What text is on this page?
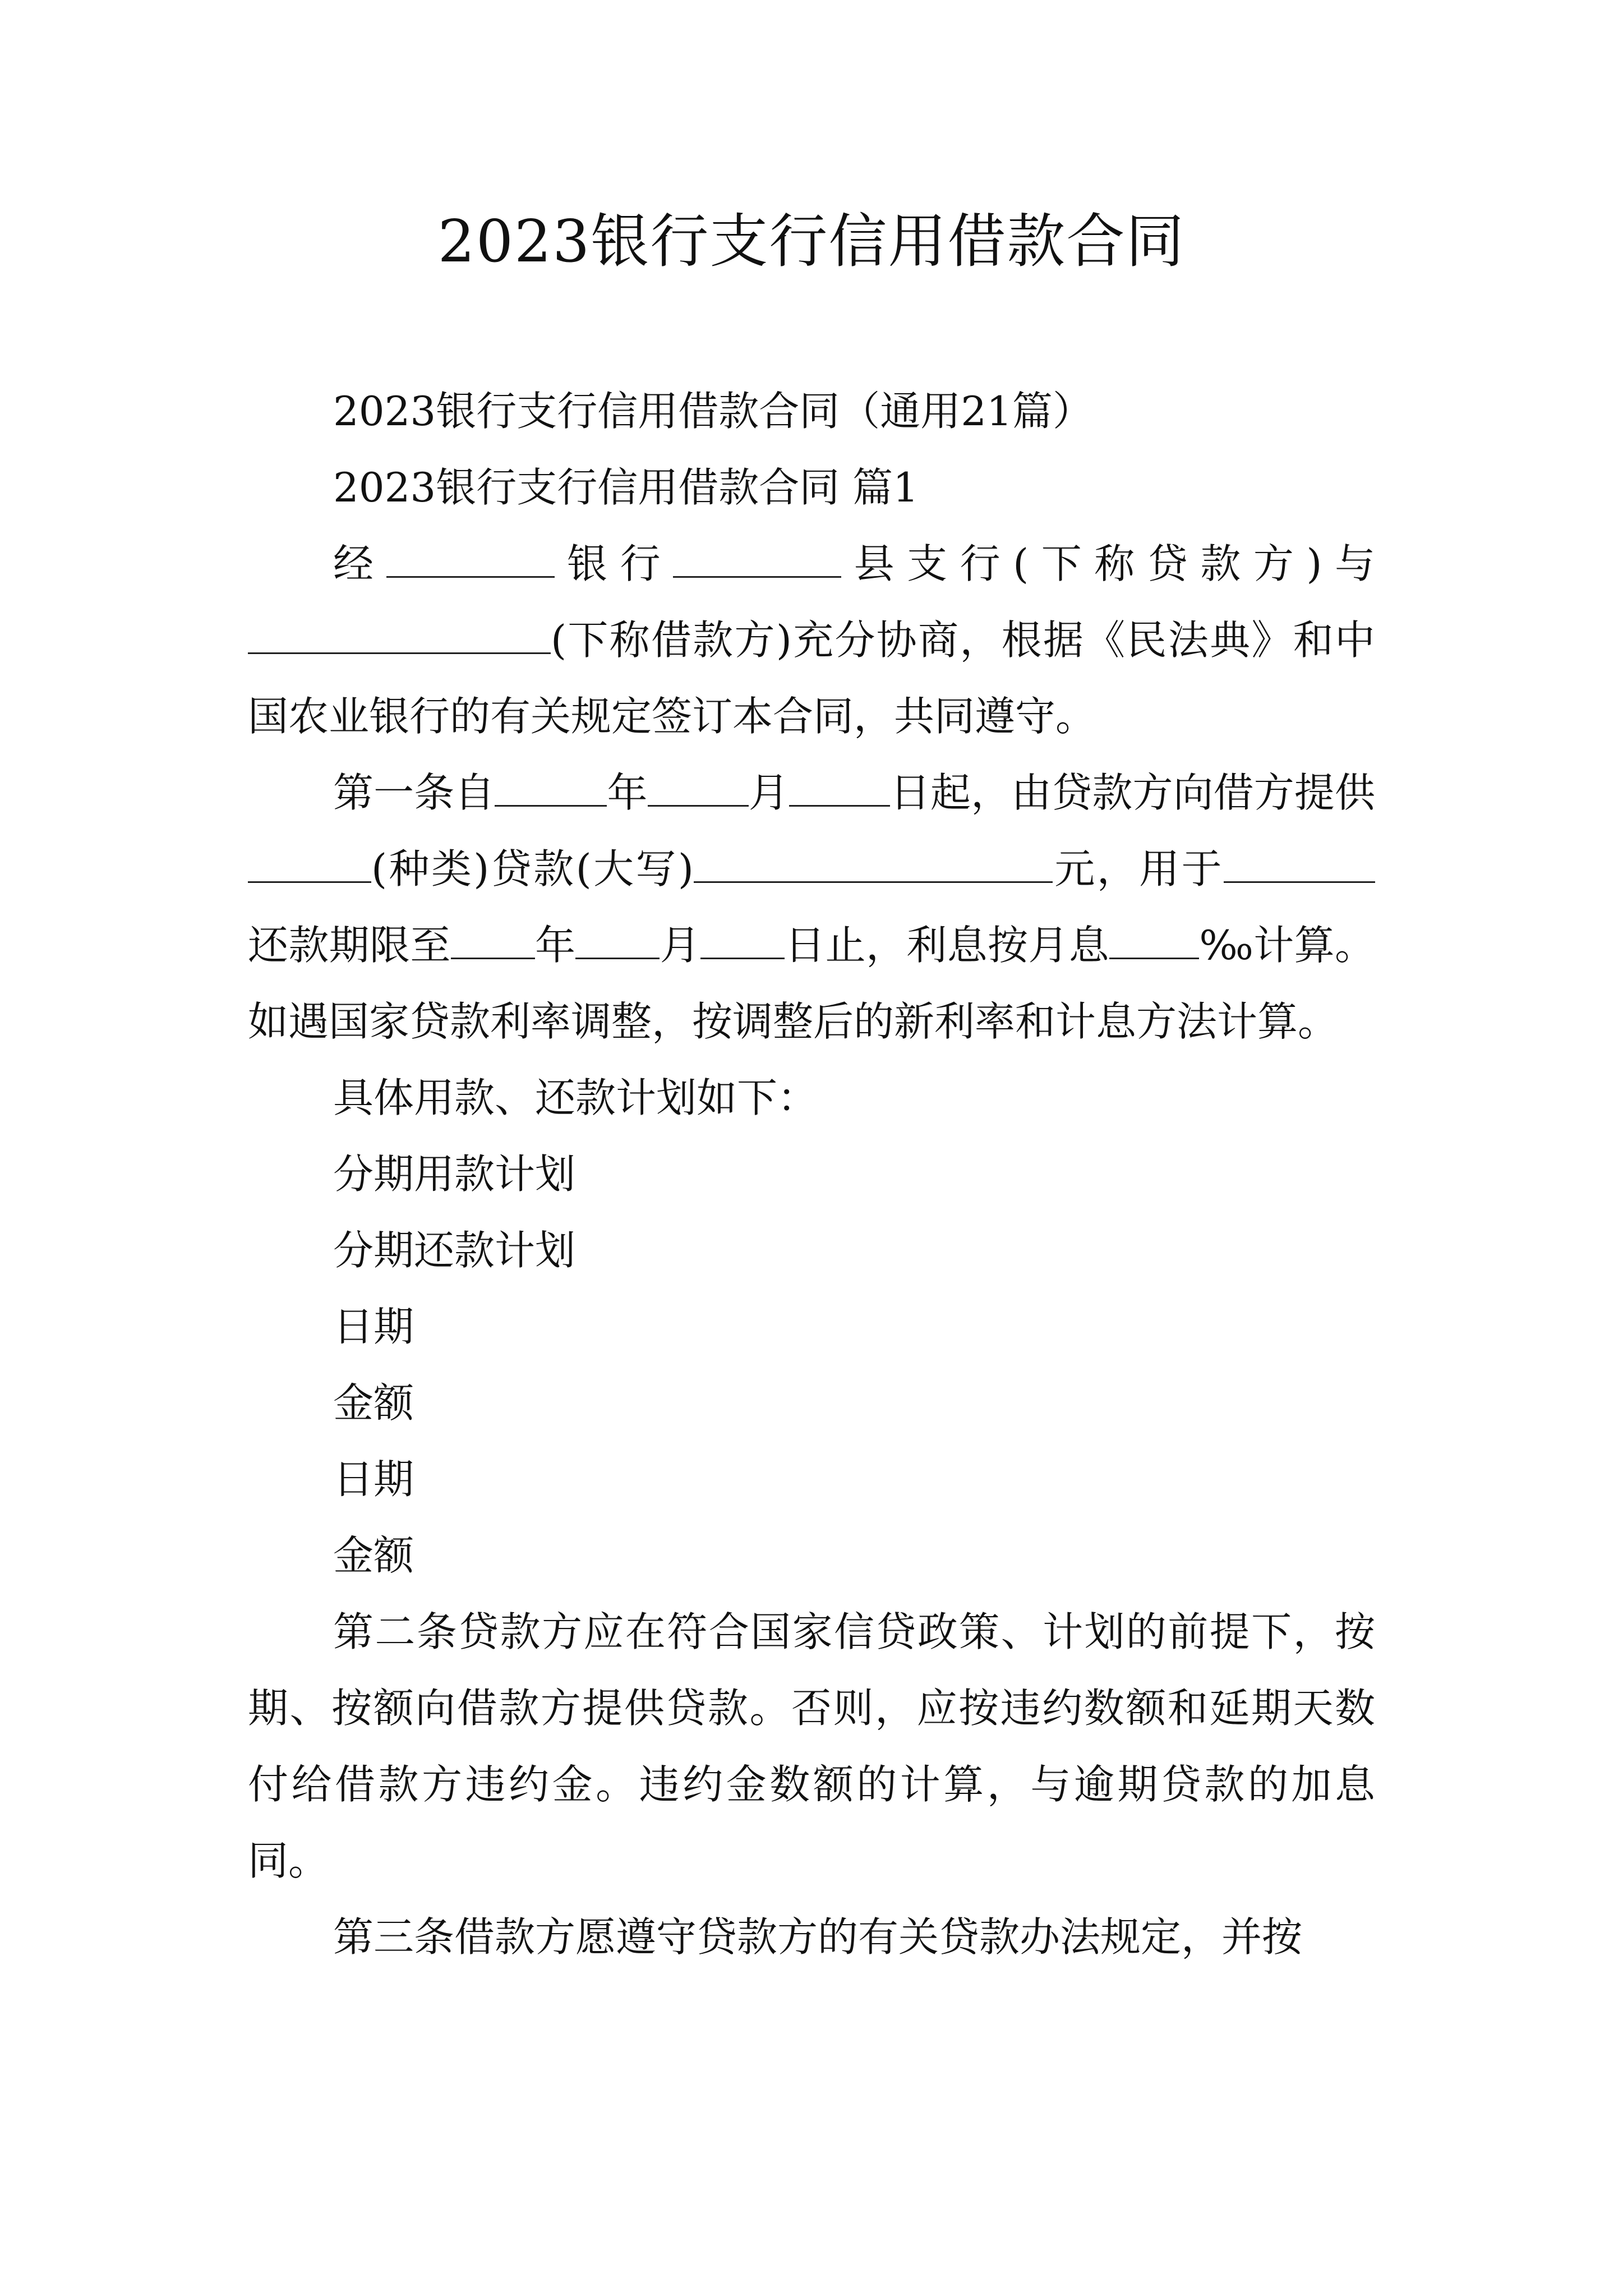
2023银行支行信用借款合同

2023银行支行信用借款合同（通用21篇）

2023银行支行信用借款合同 篇1

经	银行	县支行(下称贷款方)与(下称借款方)充分协商，根据《民法典》和中国农业银行的有关规定签订本合同，共同遵守。

第一条自	年	月	日起，由贷款方向借方提供(种类)贷款(大写)	元，用于还款期限至 年 月 日止，利息按月息 ‰计算。如遇国家贷款利率调整，按调整后的新利率和计息方法计算。

具体用款、还款计划如下：

分期用款计划

分期还款计划

日期

金额

日期

金额

第二条贷款方应在符合国家信贷政策、计划的前提下，按期、按额向借款方提供贷款。否则，应按违约数额和延期天数付给借款方违约金。违约金数额的计算，与逾期贷款的加息同。

第三条借款方愿遵守贷款方的有关贷款办法规定，并按
